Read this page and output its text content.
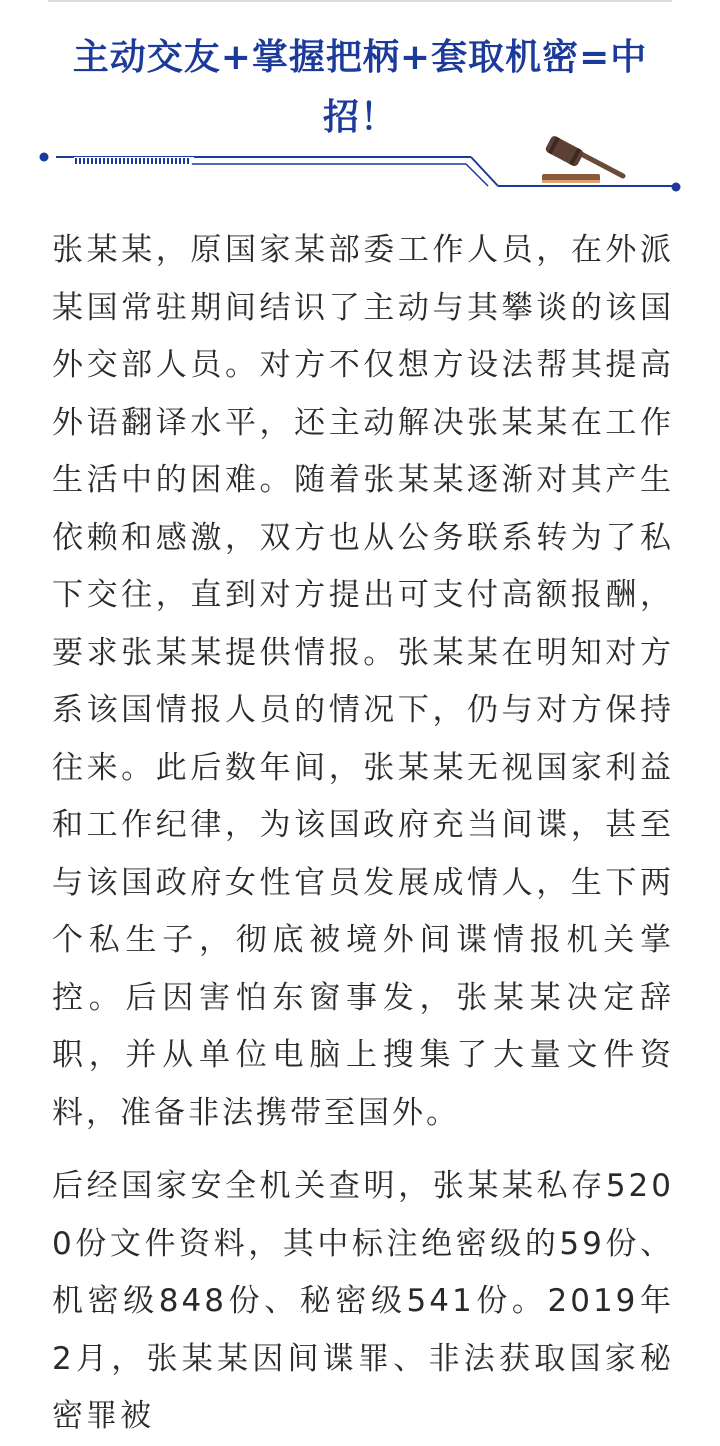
主动交友+掌握把柄+套取机密=中
招！

张某某，原国家某部委工作人员，在外派某国常驻期间结识了主动与其攀谈的该国外交部人员。对方不仅想方设法帮其提高外语翻译水平，还主动解决张某某在工作生活中的困难。随着张某某逐渐对其产生依赖和感激，双方也从公务联系转为了私下交往，直到对方提出可支付高额报酬，要求张某某提供情报。张某某在明知对方系该国情报人员的情况下，仍与对方保持往来。此后数年间，张某某无视国家利益和工作纪律，为该国政府充当间谍，甚至与该国政府女性官员发展成情人，生下两个私生子，彻底被境外间谍情报机关掌控。后因害怕东窗事发，张某某决定辞职，并从单位电脑上搜集了大量文件资料，准备非法携带至国外。

后经国家安全机关查明，张某某私存5200份文件资料，其中标注绝密级的59份、机密级848份、秘密级541份。2019年2月，张某某因间谍罪、非法获取国家秘密罪被
